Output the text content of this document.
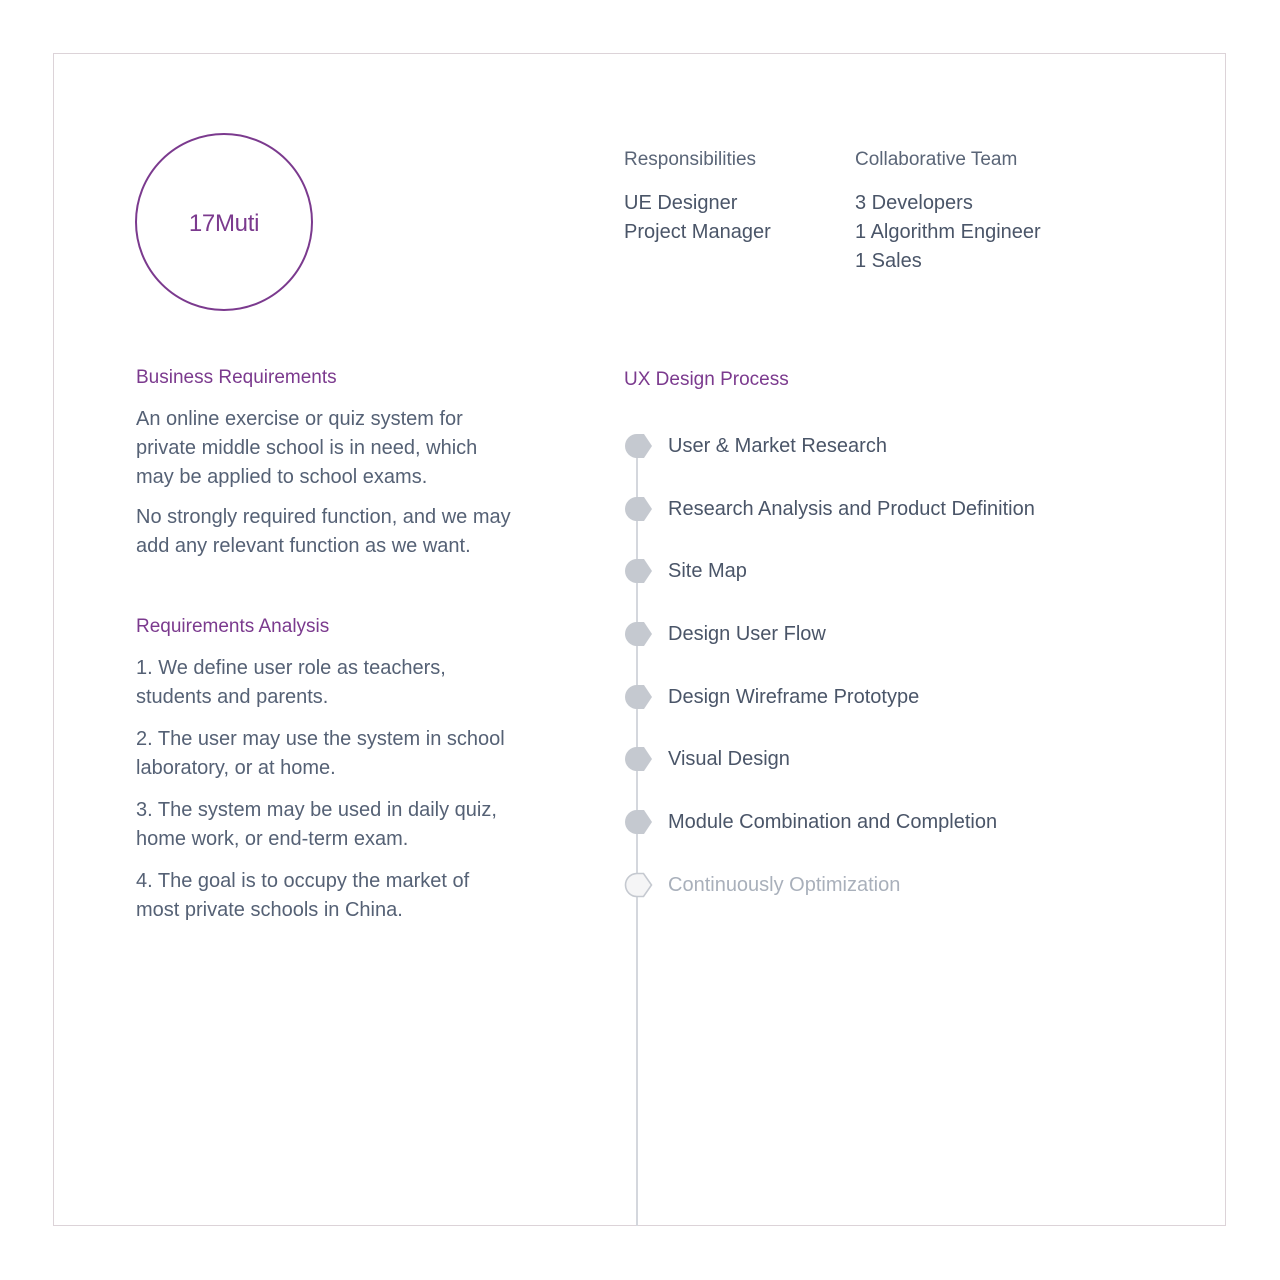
17Muti
Responsibilities
UE Designer
Project Manager
Collaborative Team
3 Developers
1 Algorithm Engineer
1 Sales
Business Requirements
An online exercise or quiz system for private middle school is in need, which may be applied to school exams.
No strongly required function, and we may add any relevant function as we want.
Requirements Analysis
1. We define user role as teachers, students and parents.
2. The user may use the system in school laboratory, or at home.
3. The system may be used in daily quiz, home work, or end-term exam.
4. The goal is to occupy the market of most private schools in China.
UX Design Process
User & Market Research
Research Analysis and Product Definition
Site Map
Design User Flow
Design Wireframe Prototype
Visual Design
Module Combination and Completion
Continuously Optimization
